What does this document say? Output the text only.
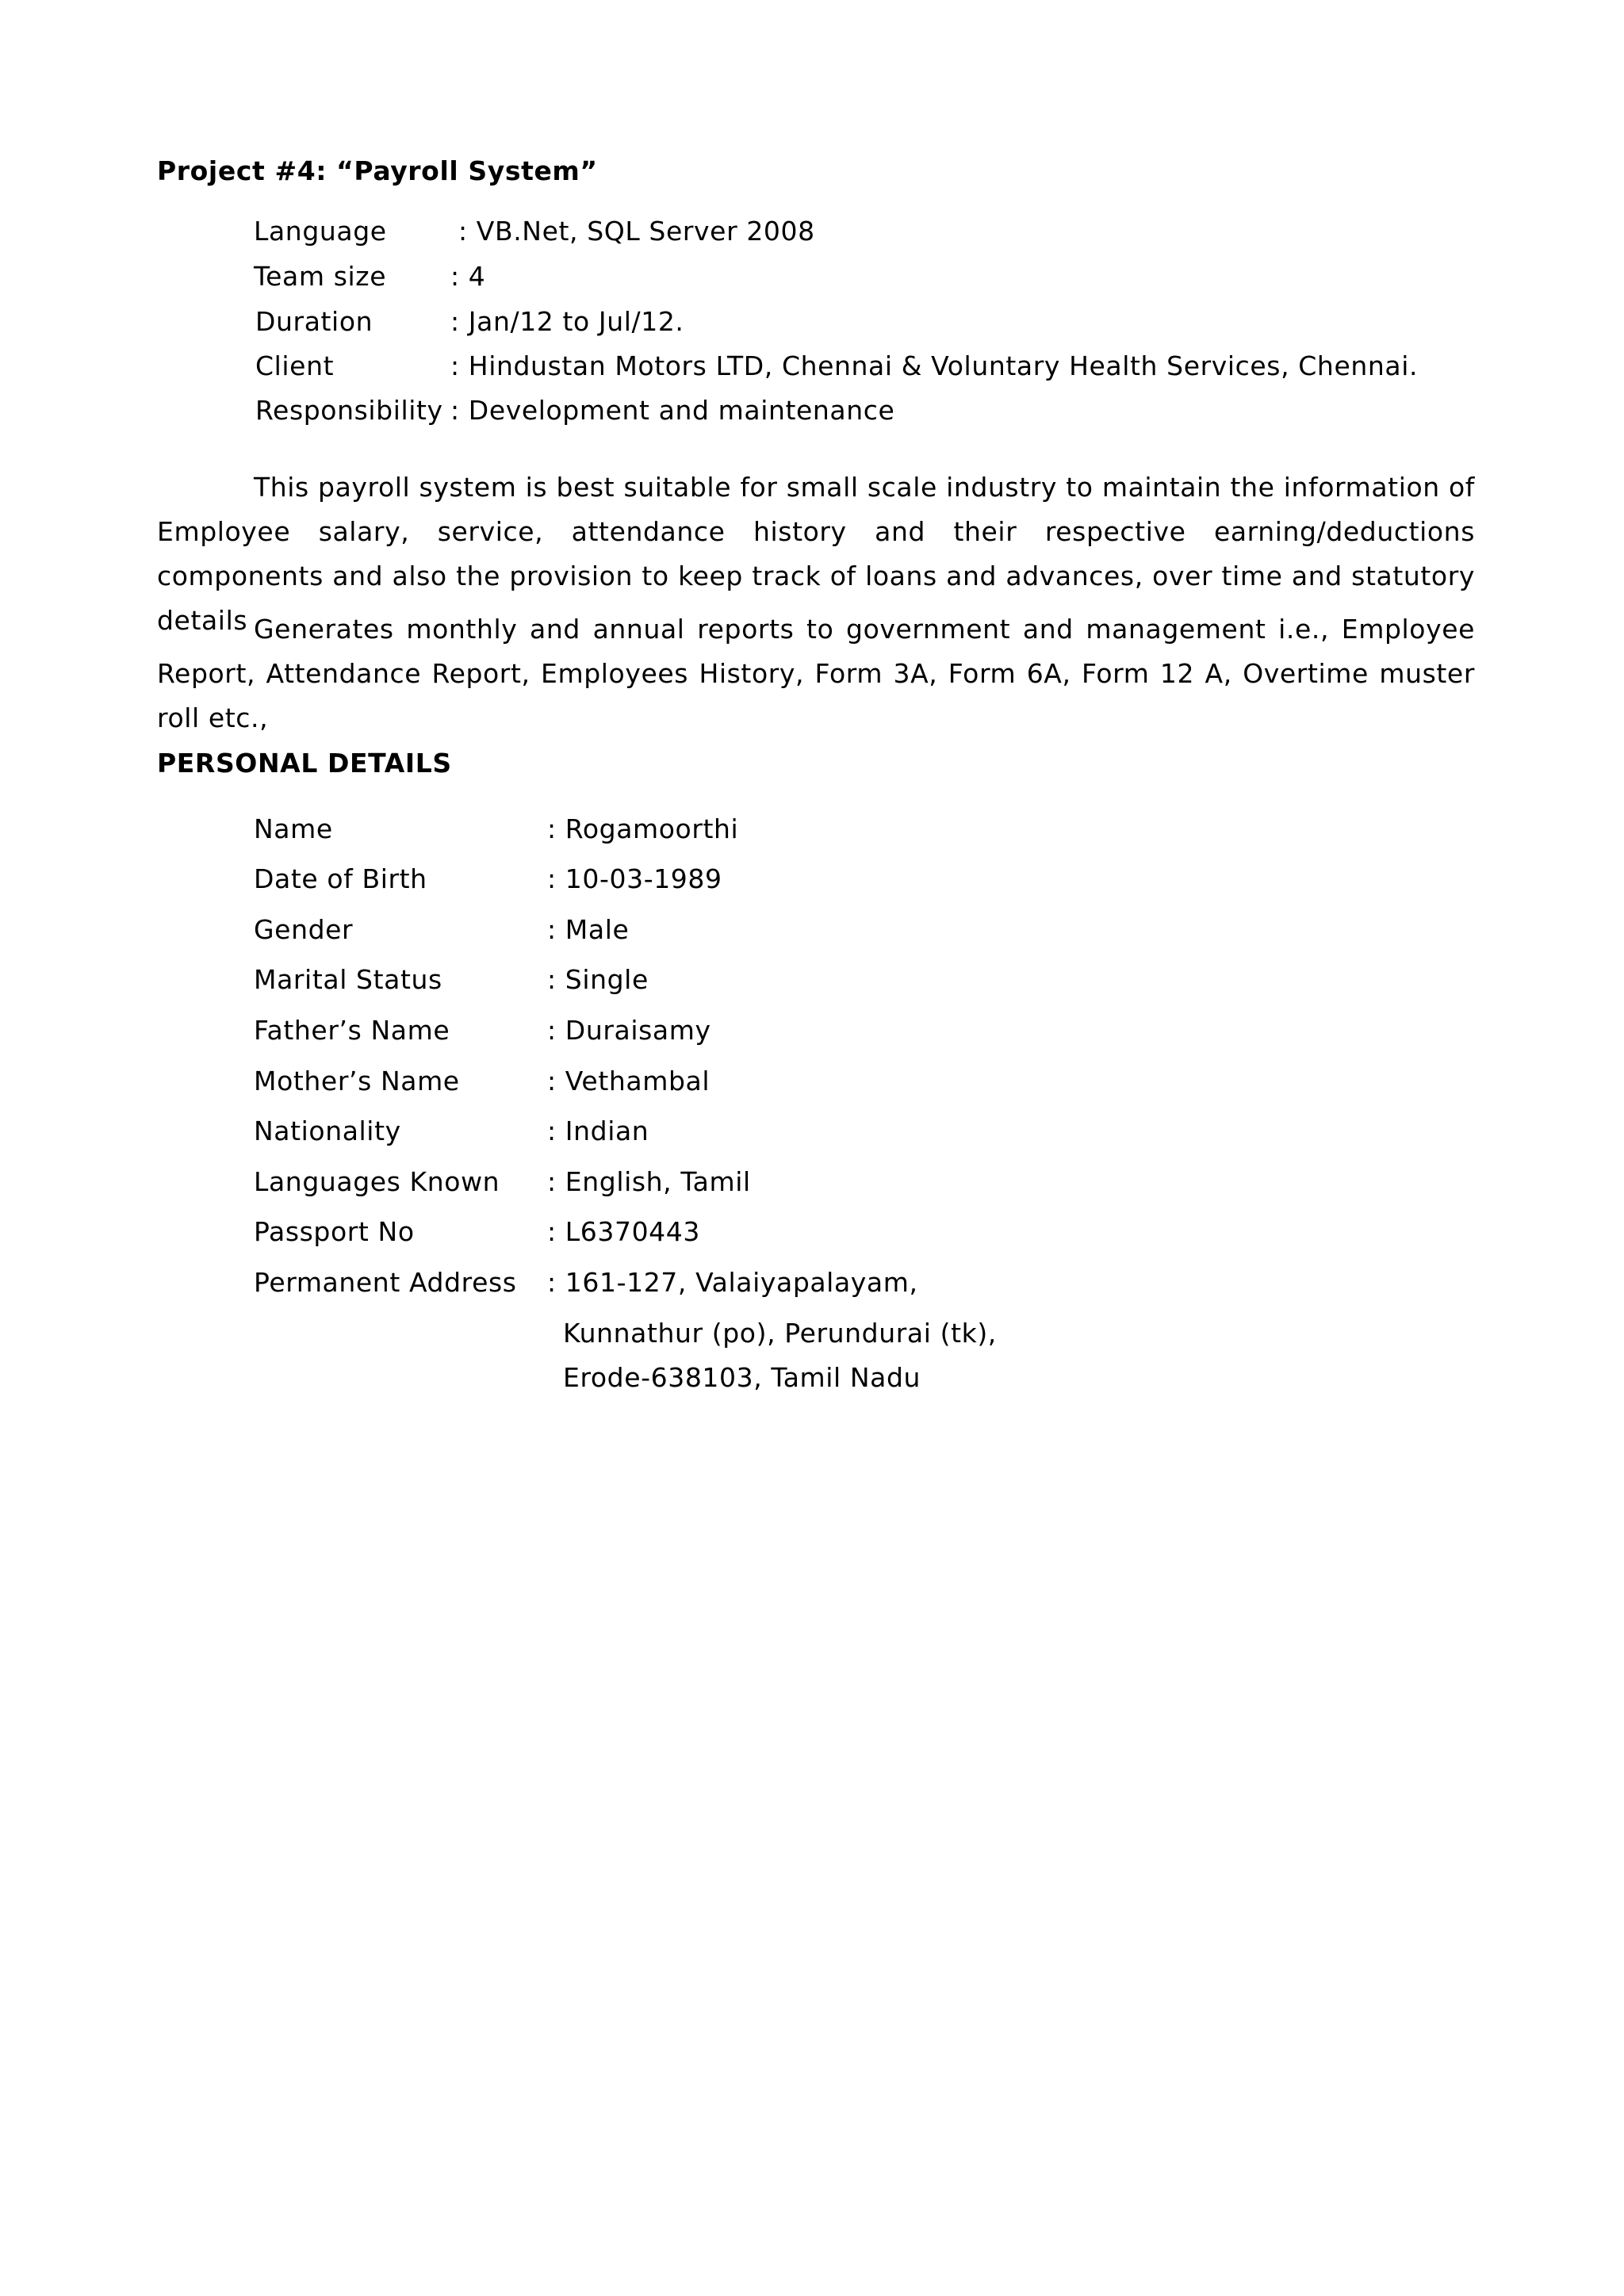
Project #4: “Payroll System”
Language	: VB.Net, SQL Server 2008
Team size : 4
Duration	: Jan/12 to Jul/12.
Client	: Hindustan Motors LTD, Chennai & Voluntary Health Services, Chennai.
Responsibility : Development and maintenance
This payroll system is best suitable for small scale industry to maintain the information of Employee salary, service, attendance history and their respective earning/deductions components and also the provision to keep track of loans and advances, over time and statutory details Generates monthly and annual reports to government and management i.e., Employee Report, Attendance Report, Employees History, Form 3A, Form 6A, Form 12 A, Overtime muster roll etc.,
PERSONAL DETAILS
Name	: Rogamoorthi
Date of Birth	: 10-03-1989
Gender	: Male
Marital Status	: Single
Father’s Name	: Duraisamy
Mother’s Name	: Vethambal
Nationality	: Indian
Languages Known : English, Tamil
Passport No	: L6370443
Permanent Address : 161-127, Valaiyapalayam,
Kunnathur (po), Perundurai (tk),
Erode-638103, Tamil Nadu
